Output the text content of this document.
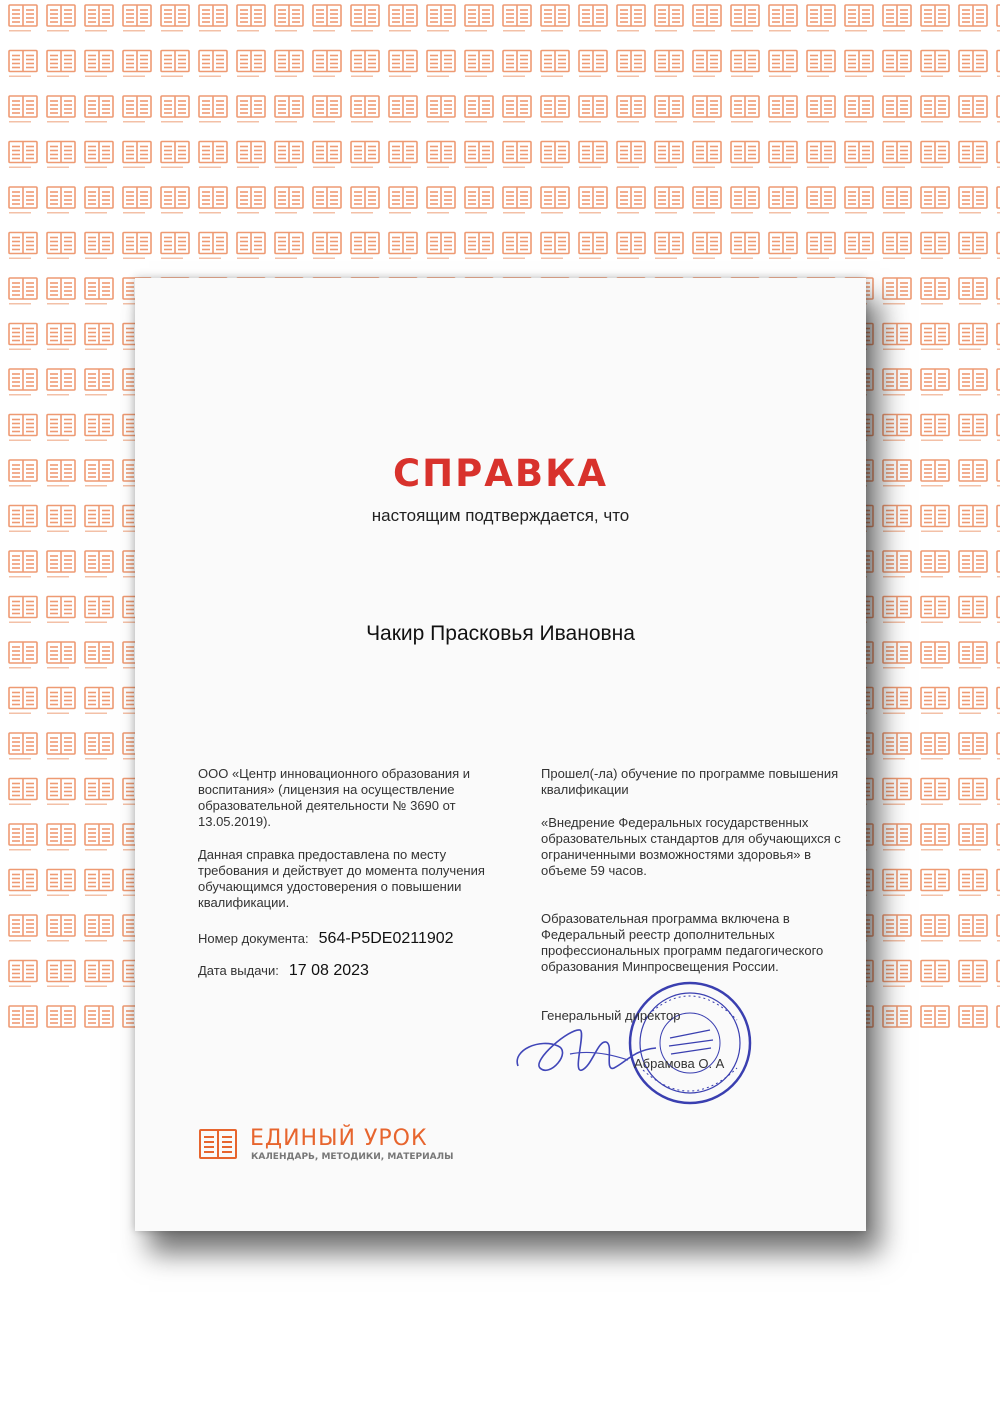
СПРАВКА
настоящим подтверждается, что
Чакир Прасковья Ивановна
ООО «Центр инновационного образования и воспитания» (лицензия на осуществление образовательной деятельности № 3690 от 13.05.2019).
Данная справка предоставлена по месту требования и действует до момента получения обучающимся удостоверения о повышении квалификации.
Номер документа: 564-P5DE0211902
Дата выдачи: 17 08 2023
Прошел(-ла) обучение по программе повышения квалификации
«Внедрение Федеральных государственных образовательных стандартов для обучающихся с ограниченными возможностями здоровья» в объеме 59 часов.
Образовательная программа включена в Федеральный реестр дополнительных профессиональных программ педагогического образования Минпросвещения России.
Генеральный директор
Абрамова О. А
ЕДИНЫЙ УРОК
КАЛЕНДАРЬ, МЕТОДИКИ, МАТЕРИАЛЫ
